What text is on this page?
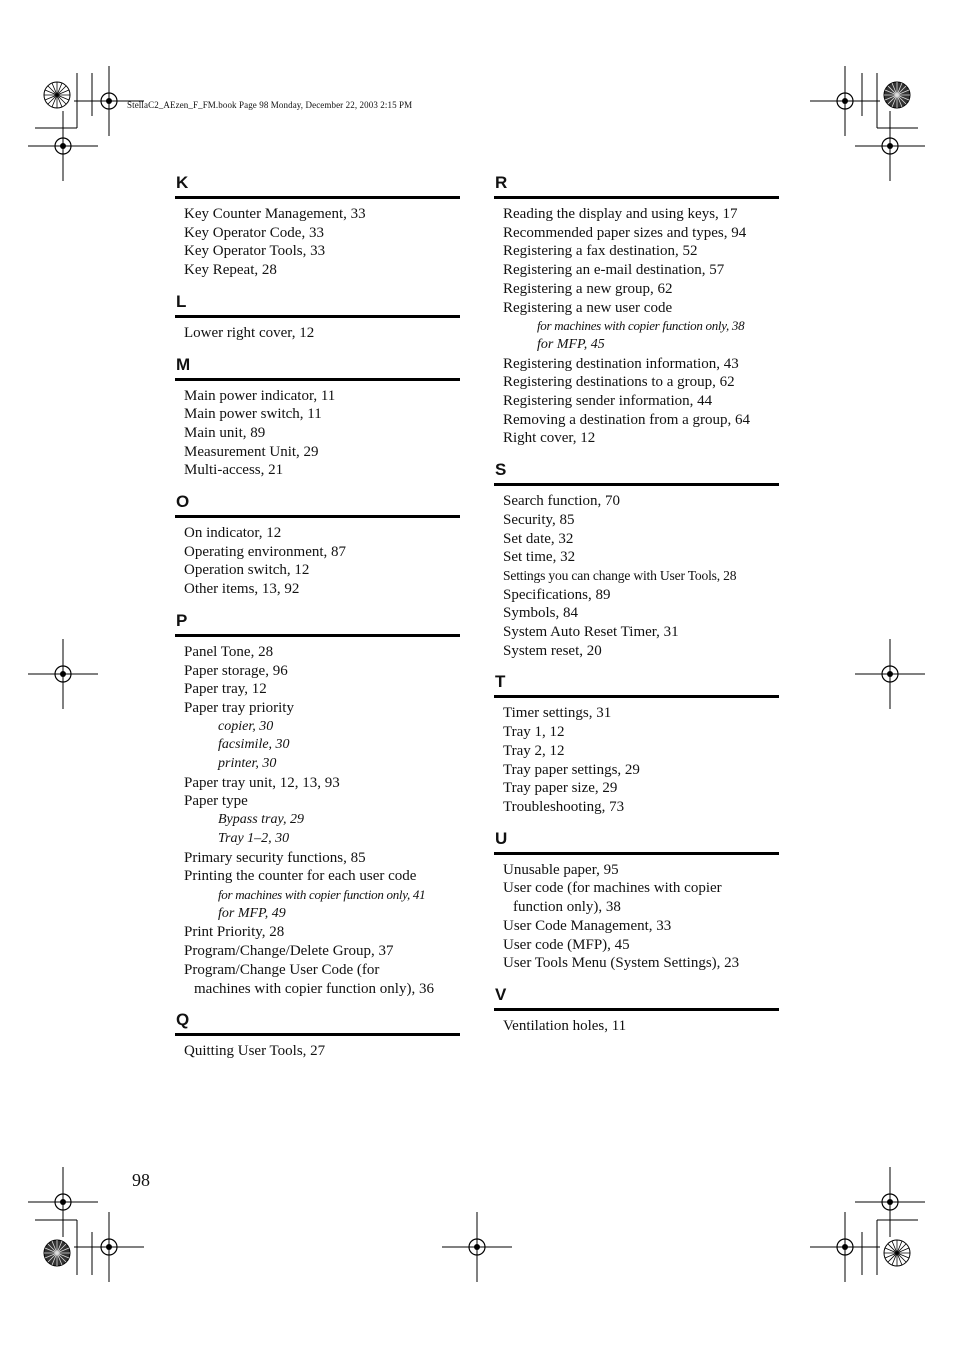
StellaC2_AEzen_F_FM.book Page 98 Monday, December 22, 2003 2:15 PM
K
Key Counter Management, 33
Key Operator Code, 33
Key Operator Tools, 33
Key Repeat, 28
L
Lower right cover, 12
M
Main power indicator, 11
Main power switch, 11
Main unit, 89
Measurement Unit, 29
Multi-access, 21
O
On indicator, 12
Operating environment, 87
Operation switch, 12
Other items, 13, 92
P
Panel Tone, 28
Paper storage, 96
Paper tray, 12
Paper tray priority
copier, 30
facsimile, 30
printer, 30
Paper tray unit, 12, 13, 93
Paper type
Bypass tray, 29
Tray 1–2, 30
Primary security functions, 85
Printing the counter for each user code
for machines with copier function only, 41
for MFP, 49
Print Priority, 28
Program/Change/Delete Group, 37
Program/Change User Code (for
machines with copier function only), 36
Q
Quitting User Tools, 27
R
Reading the display and using keys, 17
Recommended paper sizes and types, 94
Registering a fax destination, 52
Registering an e-mail destination, 57
Registering a new group, 62
Registering a new user code
for machines with copier function only, 38
for MFP, 45
Registering destination information, 43
Registering destinations to a group, 62
Registering sender information, 44
Removing a destination from a group, 64
Right cover, 12
S
Search function, 70
Security, 85
Set date, 32
Set time, 32
Settings you can change with User Tools, 28
Specifications, 89
Symbols, 84
System Auto Reset Timer, 31
System reset, 20
T
Timer settings, 31
Tray 1, 12
Tray 2, 12
Tray paper settings, 29
Tray paper size, 29
Troubleshooting, 73
U
Unusable paper, 95
User code (for machines with copier
function only), 38
User Code Management, 33
User code (MFP), 45
User Tools Menu (System Settings), 23
V
Ventilation holes, 11
98
